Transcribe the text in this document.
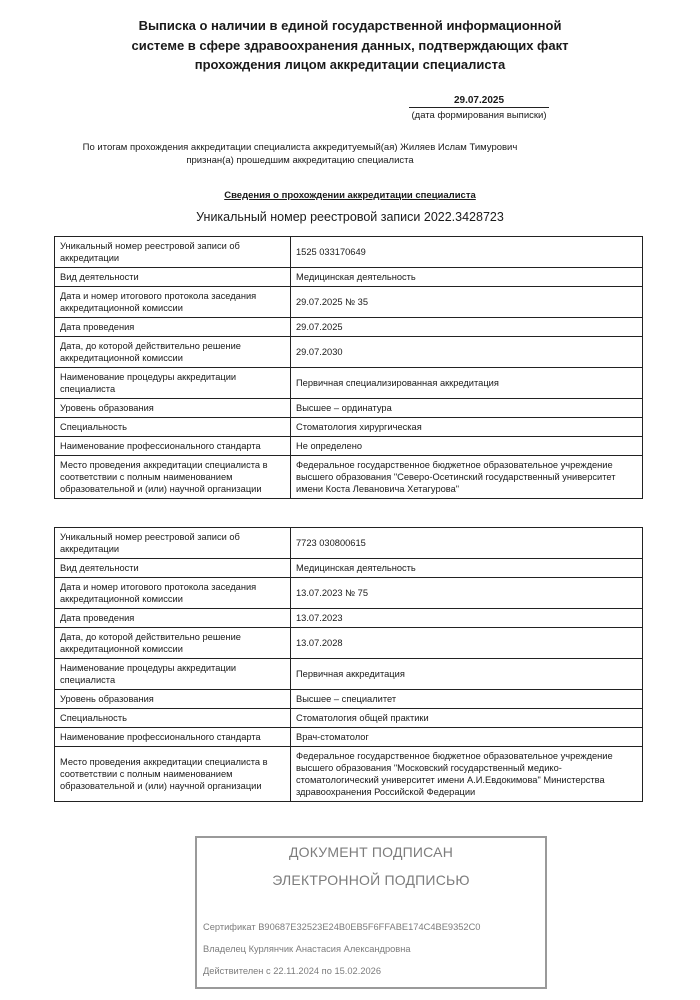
Выписка о наличии в единой государственной информационной
системе в сфере здравоохранения данных, подтверждающих факт
прохождения лицом аккредитации специалиста
29.07.2025
(дата формирования выписки)
По итогам прохождения аккредитации специалиста аккредитуемый(ая) Жиляев Ислам Тимурович
признан(а) прошедшим аккредитацию специалиста
Сведения о прохождении аккредитации специалиста
Уникальный номер реестровой записи 2022.3428723
Уникальный номер реестровой записи об аккредитации	1525 033170649
Вид деятельности	Медицинская деятельность
Дата и номер итогового протокола заседания аккредитационной комиссии	29.07.2025 № 35
Дата проведения	29.07.2025
Дата, до которой действительно решение аккредитационной комиссии	29.07.2030
Наименование процедуры аккредитации специалиста	Первичная специализированная аккредитация
Уровень образования	Высшее – ординатура
Специальность	Стоматология хирургическая
Наименование профессионального стандарта	Не определено
Место проведения аккредитации специалиста в соответствии с полным наименованием образовательной и (или) научной организации	Федеральное государственное бюджетное образовательное учреждение высшего образования "Северо-Осетинский государственный университет имени Коста Левановича Хетагурова"
Уникальный номер реестровой записи об аккредитации	7723 030800615
Вид деятельности	Медицинская деятельность
Дата и номер итогового протокола заседания аккредитационной комиссии	13.07.2023 № 75
Дата проведения	13.07.2023
Дата, до которой действительно решение аккредитационной комиссии	13.07.2028
Наименование процедуры аккредитации специалиста	Первичная аккредитация
Уровень образования	Высшее – специалитет
Специальность	Стоматология общей практики
Наименование профессионального стандарта	Врач-стоматолог
Место проведения аккредитации специалиста в соответствии с полным наименованием образовательной и (или) научной организации	Федеральное государственное бюджетное образовательное учреждение высшего образования "Московский государственный медико-стоматологический университет имени А.И.Евдокимова" Министерства здравоохранения Российской Федерации
ДОКУМЕНТ ПОДПИСАН
ЭЛЕКТРОННОЙ ПОДПИСЬЮ
Сертификат B90687E32523E24B0EB5F6FFABE174C4BE9352C0
Владелец Курлянчик Анастасия Александровна
Действителен с 22.11.2024 по 15.02.2026
